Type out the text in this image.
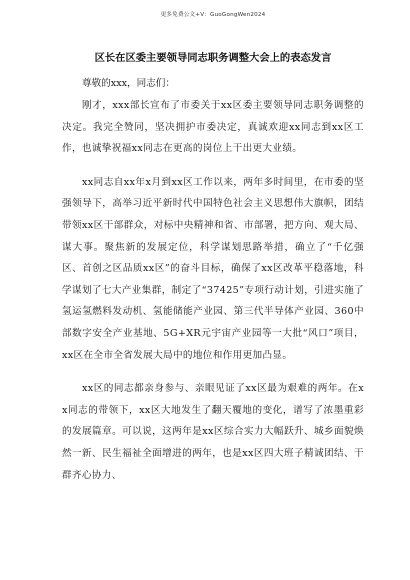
更多免费公文+V：GuoGongWen2024
区长在区委主要领导同志职务调整大会上的表态发言

尊敬的xxx，同志们：

刚才，xxx部长宣布了市委关于xx区委主要领导同志职务调整的决定。我完全赞同，坚决拥护市委决定，真诚欢迎xx同志到xx区工作，也诚挚祝福xx同志在更高的岗位上干出更大业绩。

xx同志自xx年x月到xx区工作以来，两年多时间里，在市委的坚强领导下，高举习近平新时代中国特色社会主义思想伟大旗帜，团结带领xx区干部群众，对标中央精神和省、市部署，把方向、观大局、谋大事。聚焦新的发展定位，科学谋划思路举措，确立了“千亿强区、首创之区品质xx区”的奋斗目标，确保了xx区改革平稳落地，科学谋划了七大产业集群，制定了“37425”专项行动计划，引进实施了氢运氢燃料发动机、氢能储能产业园、第三代半导体产业园、360中部数字安全产业基地、5G+XR元宇宙产业园等一大批“风口”项目，xx区在全市全省发展大局中的地位和作用更加凸显。

xx区的同志都亲身参与、亲眼见证了xx区最为艰难的两年。在xx同志的带领下，xx区大地发生了翻天覆地的变化，谱写了浓墨重彩的发展篇章。可以说，这两年是xx区综合实力大幅跃升、城乡面貌焕然一新、民生福祉全面增进的两年，也是xx区四大班子精诚团结、干群齐心协力、
